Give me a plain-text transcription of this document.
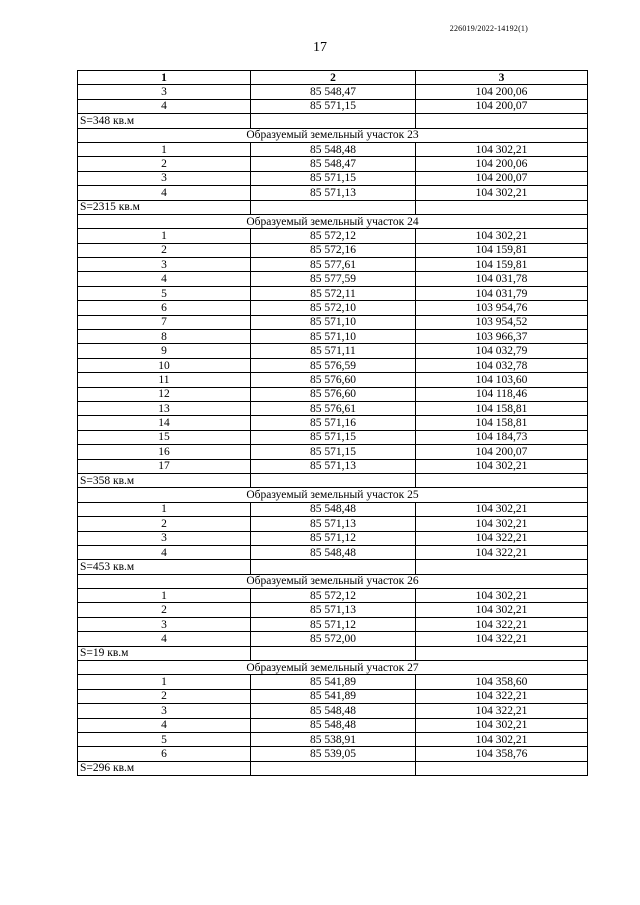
226019/2022-14192(1)
17
1	2	3
3	85 548,47	104 200,06
4	85 571,15	104 200,07
S=348 кв.м		
Образуемый земельный участок 23		
1	85 548,48	104 302,21
2	85 548,47	104 200,06
3	85 571,15	104 200,07
4	85 571,13	104 302,21
S=2315 кв.м		
Образуемый земельный участок 24		
1	85 572,12	104 302,21
2	85 572,16	104 159,81
3	85 577,61	104 159,81
4	85 577,59	104 031,78
5	85 572,11	104 031,79
6	85 572,10	103 954,76
7	85 571,10	103 954,52
8	85 571,10	103 966,37
9	85 571,11	104 032,79
10	85 576,59	104 032,78
11	85 576,60	104 103,60
12	85 576,60	104 118,46
13	85 576,61	104 158,81
14	85 571,16	104 158,81
15	85 571,15	104 184,73
16	85 571,15	104 200,07
17	85 571,13	104 302,21
S=358 кв.м		
Образуемый земельный участок 25		
1	85 548,48	104 302,21
2	85 571,13	104 302,21
3	85 571,12	104 322,21
4	85 548,48	104 322,21
S=453 кв.м		
Образуемый земельный участок 26		
1	85 572,12	104 302,21
2	85 571,13	104 302,21
3	85 571,12	104 322,21
4	85 572,00	104 322,21
S=19 кв.м		
Образуемый земельный участок 27		
1	85 541,89	104 358,60
2	85 541,89	104 322,21
3	85 548,48	104 322,21
4	85 548,48	104 302,21
5	85 538,91	104 302,21
6	85 539,05	104 358,76
S=296 кв.м		
